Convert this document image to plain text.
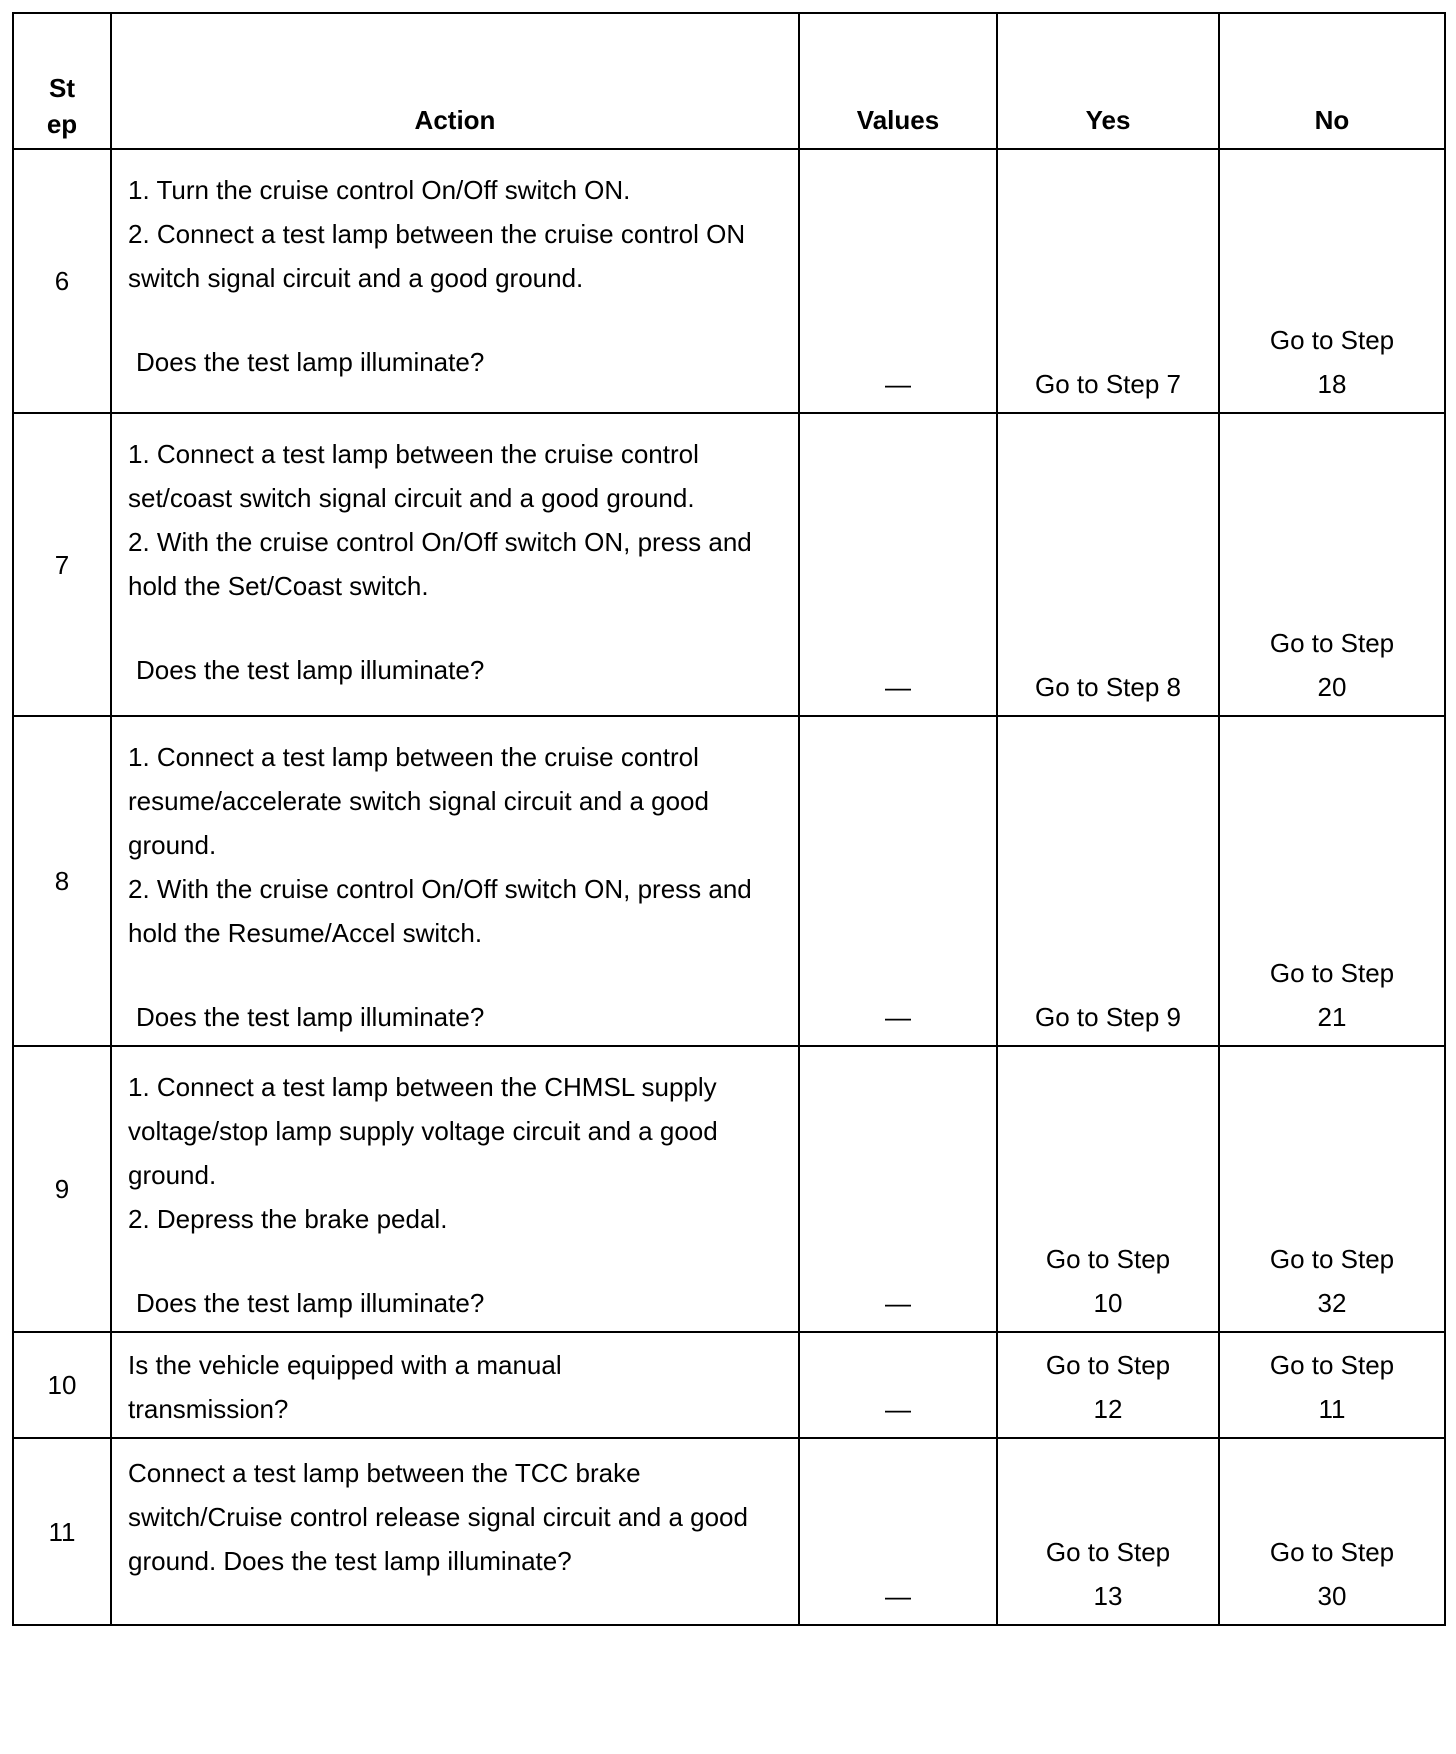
St ep	Action	Values	Yes	No
6	1. Turn the cruise control On/Off switch ON.
2. Connect a test lamp between the cruise control ON switch signal circuit and a good ground.
Does the test lamp illuminate?	—	Go to Step 7	Go to Step 18
7	1. Connect a test lamp between the cruise control set/coast switch signal circuit and a good ground.
2. With the cruise control On/Off switch ON, press and hold the Set/Coast switch.
Does the test lamp illuminate?	—	Go to Step 8	Go to Step 20
8	1. Connect a test lamp between the cruise control resume/accelerate switch signal circuit and a good ground.
2. With the cruise control On/Off switch ON, press and hold the Resume/Accel switch.
Does the test lamp illuminate?	—	Go to Step 9	Go to Step 21
9	1. Connect a test lamp between the CHMSL supply voltage/stop lamp supply voltage circuit and a good ground.
2. Depress the brake pedal.
Does the test lamp illuminate?	—	Go to Step 10	Go to Step 32
10	Is the vehicle equipped with a manual transmission?	—	Go to Step 12	Go to Step 11
11	Connect a test lamp between the TCC brake switch/Cruise control release signal circuit and a good ground. Does the test lamp illuminate?	—	Go to Step 13	Go to Step 30
